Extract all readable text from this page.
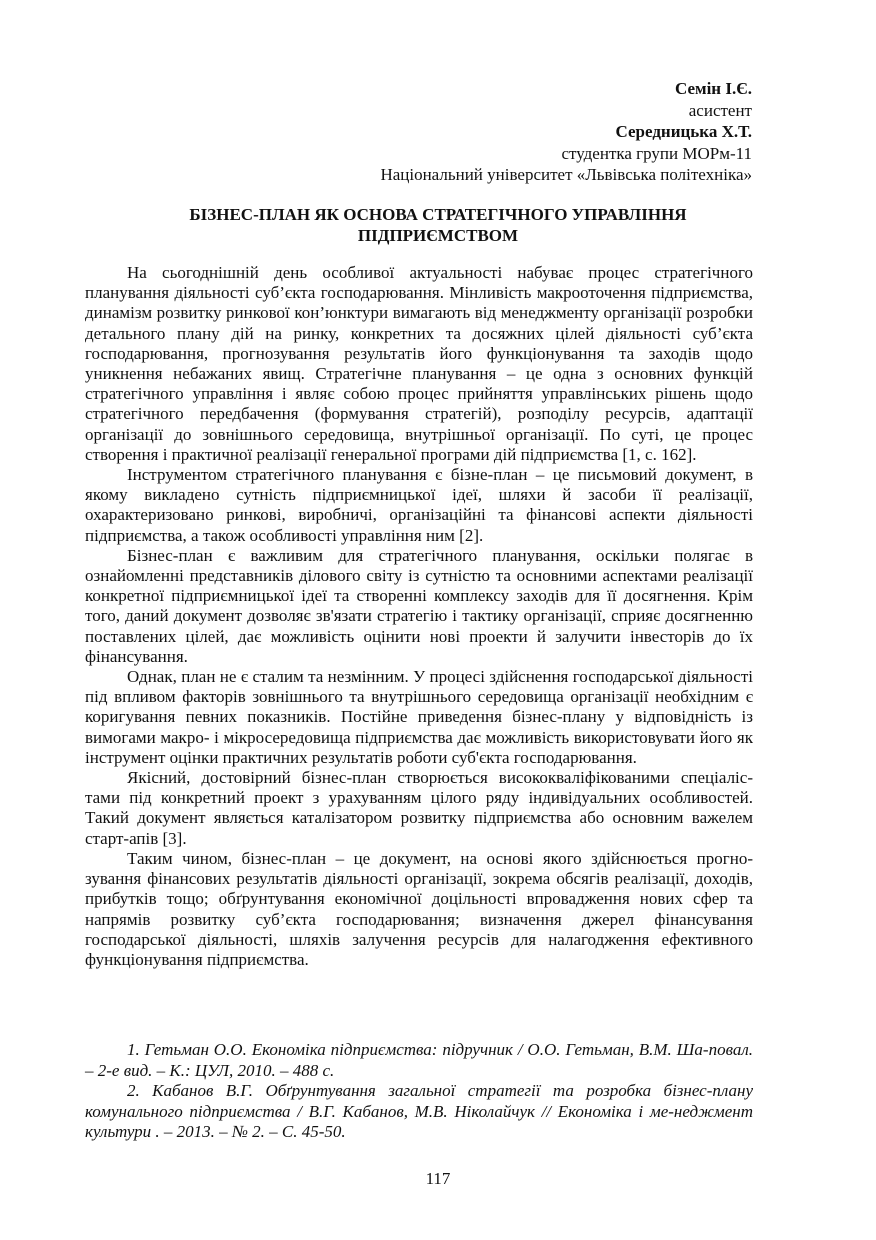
Семін І.Є.
асистент
Середницька Х.Т.
студентка групи МОРм-11
Національний університет «Львівська політехніка»
БІЗНЕС-ПЛАН ЯК ОСНОВА СТРАТЕГІЧНОГО УПРАВЛІННЯ
ПІДПРИЄМСТВОМ

На сьогоднішній день особливої актуальності набуває процес стратегічного планування діяльності суб’єкта господарювання. Мінливість макрооточення підприємства, динамізм розвитку ринкової кон’юнктури вимагають від менеджменту організації розробки детального плану дій на ринку, конкретних та досяжних цілей діяльності суб’єкта господарювання, прогнозування результатів його функціонування та заходів щодо уникнення небажаних явищ. Стратегічне планування – це одна з основних функцій стратегічного управління і являє собою процес прийняття управлінських рішень щодо стратегічного передбачення (формування стратегій), розподілу ресурсів, адаптації організації до зовнішнього середовища, внутрішньої організації. По суті, це процес створення і практичної реалізації генеральної програми дій підприємства [1, с. 162].

Інструментом стратегічного планування є бізне-план – це письмовий документ, в якому викладено сутність підприємницької ідеї, шляхи й засоби її реалізації, охарактеризовано ринкові, виробничі, організаційні та фінансові аспекти діяльності підприємства, а також особливості управління ним [2].

Бізнес-план є важливим для стратегічного планування, оскільки полягає в ознайомленні представників ділового світу із сутністю та основними аспектами реалізації конкретної підприємницької ідеї та створенні комплексу заходів для її досягнення. Крім того, даний документ дозволяє зв'язати стратегію і тактику організації, сприяє досягненню поставлених цілей, дає можливість оцінити нові проекти й залучити інвесторів до їх фінансування.

Однак, план не є сталим та незмінним. У процесі здійснення господарської діяльності під впливом факторів зовнішнього та внутрішнього середовища організації необхідним є коригування певних показників. Постійне приведення бізнес-плану у відповідність із вимогами макро- і мікросередовища підприємства дає можливість використовувати його як інструмент оцінки практичних результатів роботи суб'єкта господарювання.

Якісний, достовірний бізнес-план створюється висококваліфікованими спеціаліс-тами під конкретний проект з урахуванням цілого ряду індивідуальних особливостей. Такий документ являється каталізатором розвитку підприємства або основним важелем старт-апів [3].

Таким чином, бізнес-план – це документ, на основі якого здійснюється прогно-зування фінансових результатів діяльності організації, зокрема обсягів реалізації, доходів, прибутків тощо; обґрунтування економічної доцільності впровадження нових сфер та напрямів розвитку суб’єкта господарювання; визначення джерел фінансування господарської діяльності, шляхів залучення ресурсів для налагодження ефективного функціонування підприємства.

1. Гетьман О.О. Економіка підприємства: підручник / О.О. Гетьман, В.М. Ша-повал. – 2-е вид. – К.: ЦУЛ, 2010. – 488 с.

2. Кабанов В.Г. Обґрунтування загальної стратегії та розробка бізнес-плану комунального підприємства / В.Г. Кабанов, М.В. Ніколайчук // Економіка і ме-неджмент культури . – 2013. – № 2. – С. 45-50.

117
